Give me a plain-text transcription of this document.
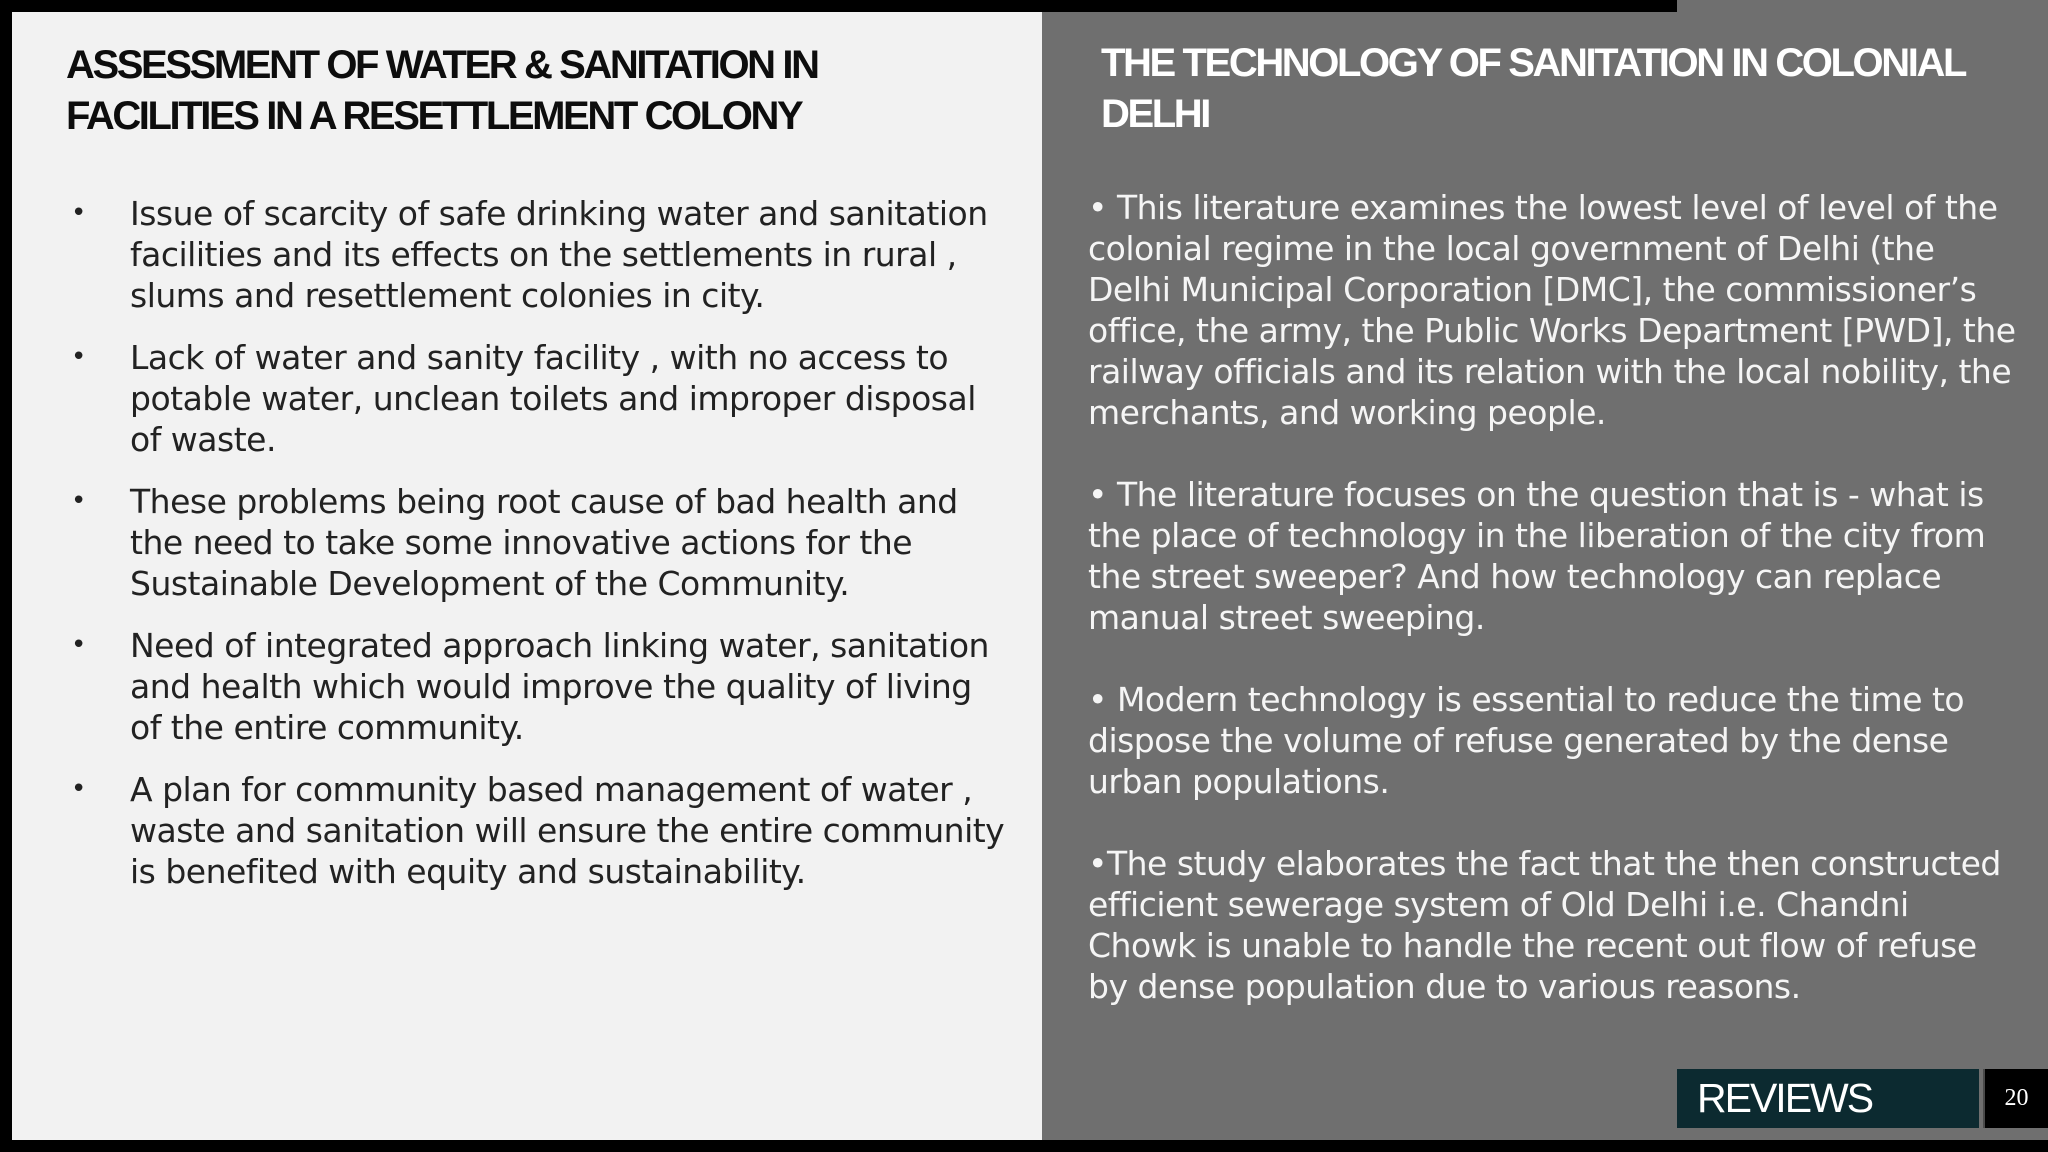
ASSESSMENT OF WATER & SANITATION IN FACILITIES IN A RESETTLEMENT COLONY
• Issue of scarcity of safe drinking water and sanitation facilities and its effects on the settlements in rural , slums and resettlement colonies in city.
• Lack of water and sanity facility , with no access to potable water, unclean toilets and improper disposal of waste.
• These problems being root cause of bad health and the need to take some innovative actions for the Sustainable Development of the Community.
• Need of integrated approach linking water, sanitation and health which would improve the quality of living of the entire community.
• A plan for community based management of water , waste and sanitation will ensure the entire community is benefited with equity and sustainability.
THE TECHNOLOGY OF SANITATION IN COLONIAL DELHI

• This literature examines the lowest level of level of the colonial regime in the local government of Delhi (the Delhi Municipal Corporation [DMC], the commissioner’s office, the army, the Public Works Department [PWD], the railway officials and its relation with the local nobility, the merchants, and working people.

• The literature focuses on the question that is - what is the place of technology in the liberation of the city from the street sweeper? And how technology can replace manual street sweeping.

• Modern technology is essential to reduce the time to dispose the volume of refuse generated by the dense urban populations.

•The study elaborates the fact that the then constructed efficient sewerage system of Old Delhi i.e. Chandni Chowk is unable to handle the recent out flow of refuse by dense population due to various reasons.

REVIEWS	20
